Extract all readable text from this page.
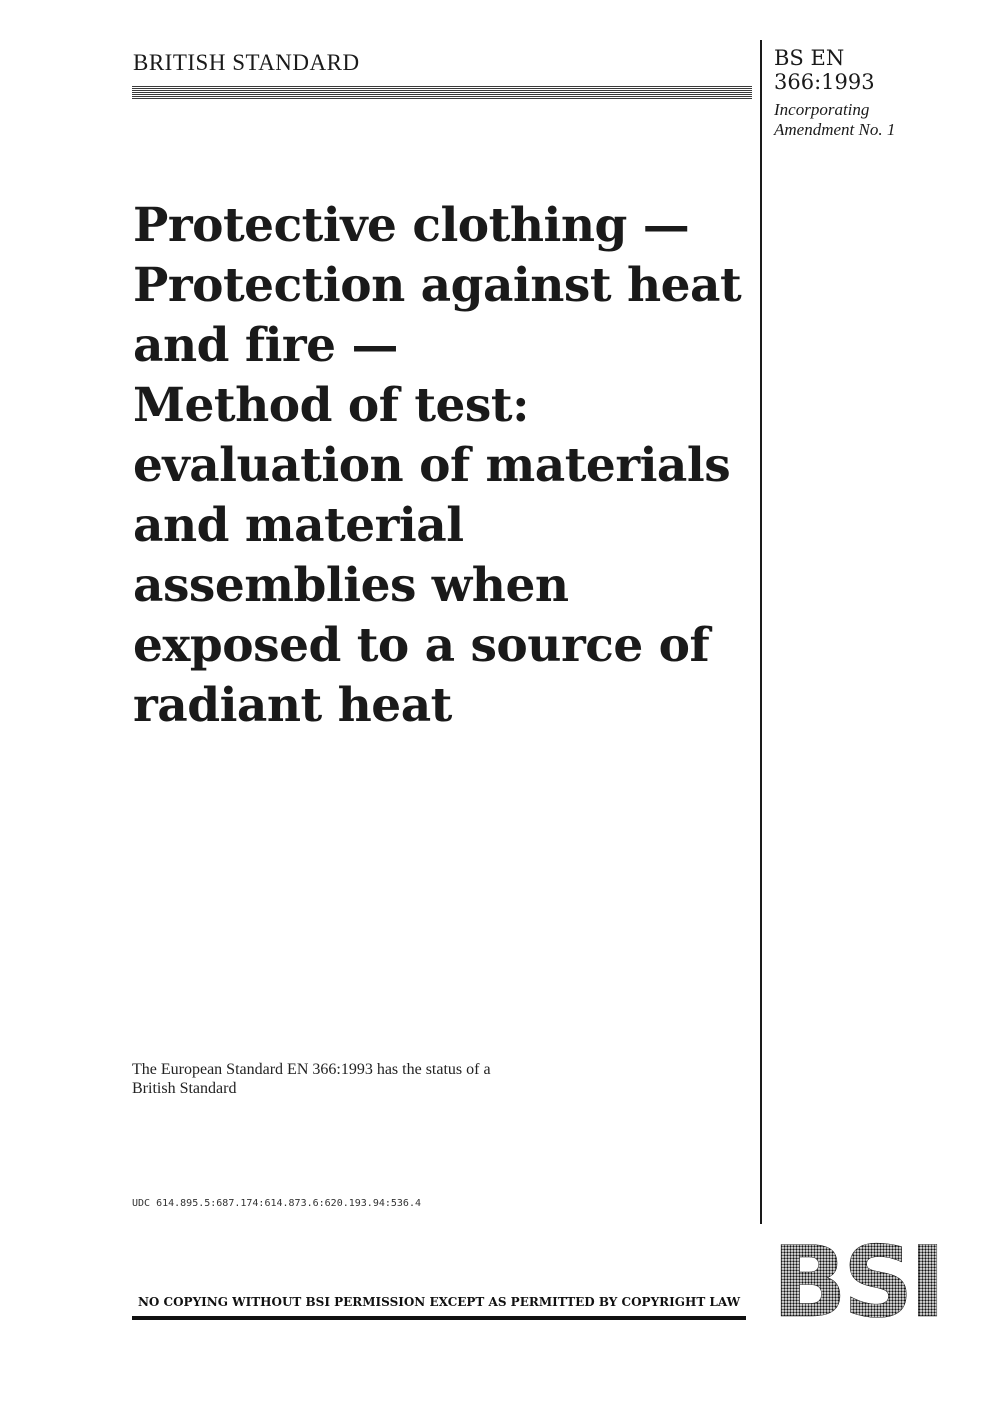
BRITISH STANDARD	BS EN
366:1993
Incorporating
Amendment No. 1
Protective clothing —
Protection against heat
and fire —
Method of test:
evaluation of materials
and material
assemblies when
exposed to a source of
radiant heat
The European Standard EN 366:1993 has the status of a
British Standard
UDC 614.895.5:687.174:614.873.6:620.193.94:536.4
NO COPYING WITHOUT BSI PERMISSION EXCEPT AS PERMITTED BY COPYRIGHT LAW BSI
